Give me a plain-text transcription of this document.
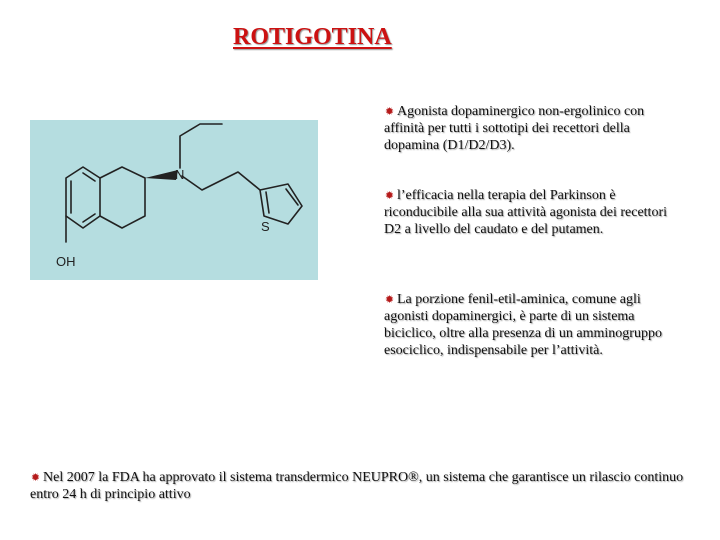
ROTIGOTINA
N
S
OH
✹ Agonista dopaminergico non-ergolinico con affinità per tutti i sottotipi dei recettori della dopamina (D1/D2/D3).
✹ l’efficacia nella terapia del Parkinson è riconducibile alla sua attività agonista dei recettori D2 a livello del caudato e del putamen.
✹ La porzione fenil-etil-aminica, comune agli agonisti dopaminergici, è parte di un sistema biciclico, oltre alla presenza di un amminogruppo esociclico, indispensabile per l’attività.
✹ Nel 2007 la FDA ha approvato il sistema transdermico NEUPRO®, un sistema che garantisce un rilascio continuo entro 24 h di principio attivo
